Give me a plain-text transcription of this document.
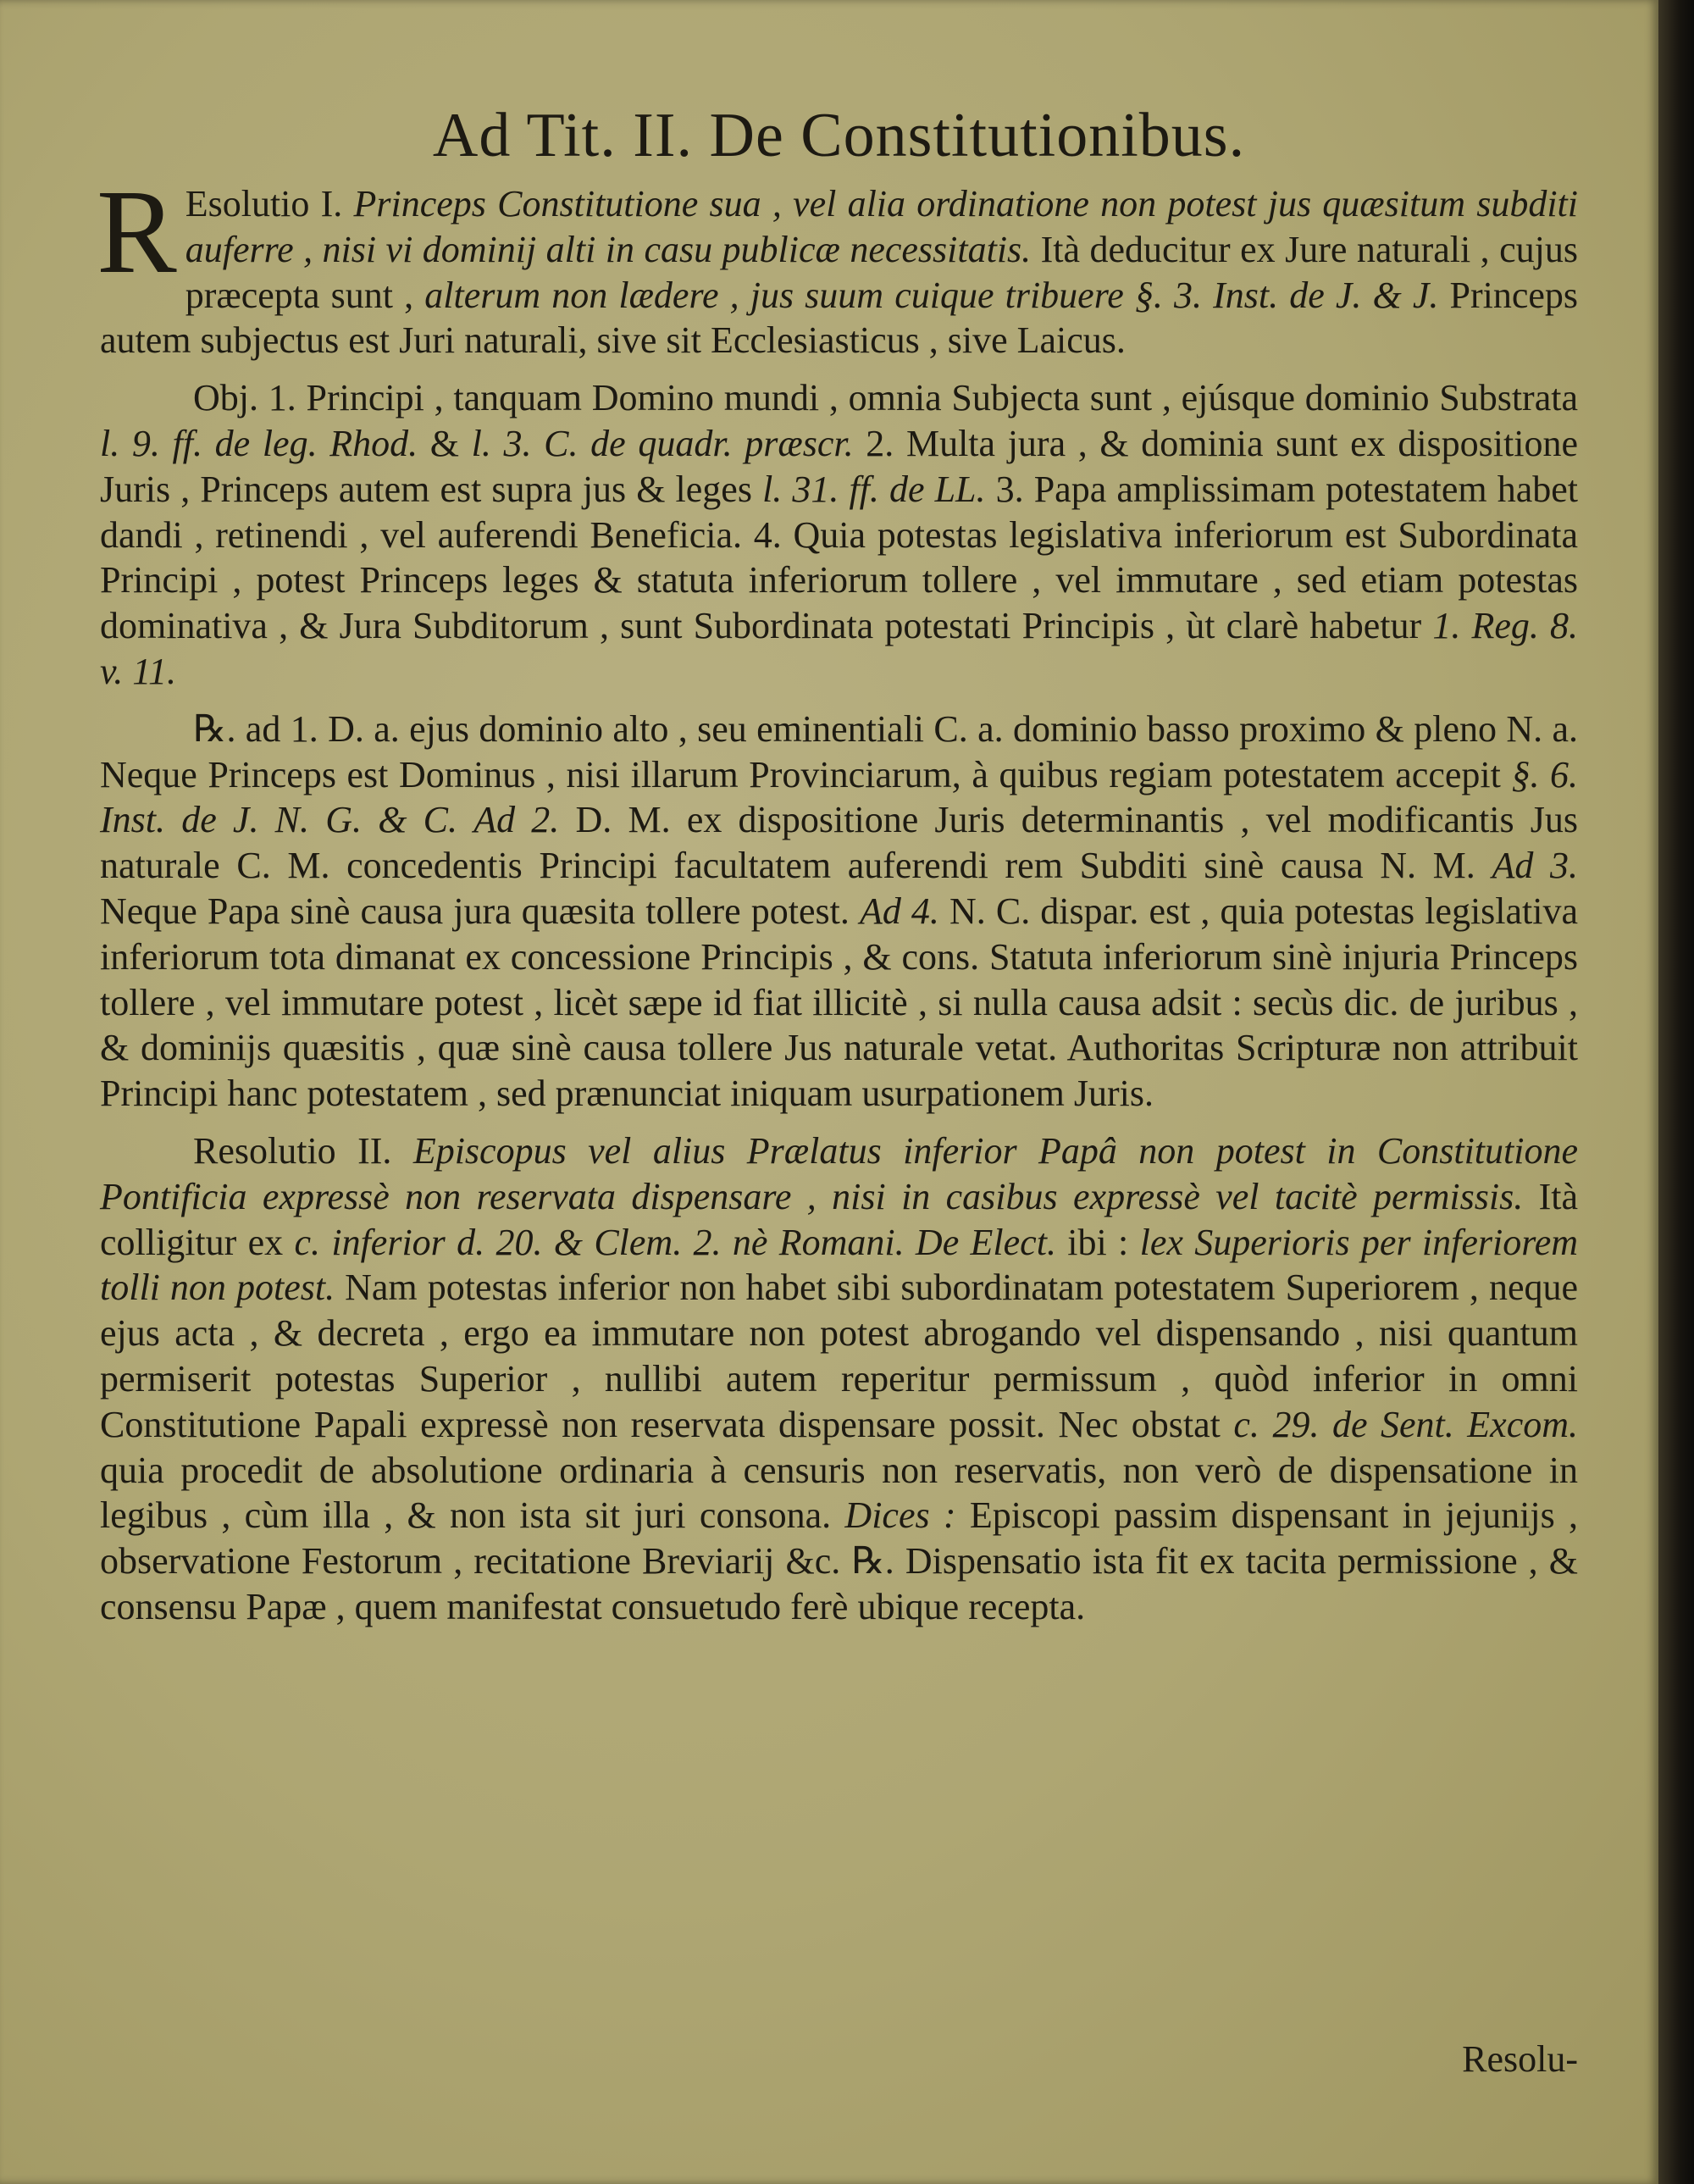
Ad Tit. II. De Constitutionibus.

R Esolutio I. Princeps Constitutione sua , vel alia ordinatione non potest jus quæsitum subditi auferre , nisi vi dominij alti in casu publicæ necessitatis. Ità deducitur ex Jure naturali , cujus præcepta sunt , alterum non lædere , jus suum cuique tribuere §. 3. Inst. de J. & J. Princeps autem subjectus est Juri naturali, sive sit Ecclesiasticus , sive Laicus.

Obj. 1. Principi , tanquam Domino mundi , omnia Subjecta sunt , ejúsque dominio Substrata l. 9. ff. de leg. Rhod. & l. 3. C. de quadr. præscr. 2. Multa jura , & dominia sunt ex dispositione Juris , Princeps autem est supra jus & leges l. 31. ff. de LL. 3. Papa amplissimam potestatem habet dandi , retinendi , vel auferendi Beneficia. 4. Quia potestas legislativa inferiorum est Subordinata Principi , potest Princeps leges & statuta inferiorum tollere , vel immutare , sed etiam potestas dominativa , & Jura Subditorum , sunt Subordinata potestati Principis , ùt clarè habetur 1. Reg. 8. v. 11.

℞. ad 1. D. a. ejus dominio alto , seu eminentiali C. a. dominio basso proximo & pleno N. a. Neque Princeps est Dominus , nisi illarum Provinciarum, à quibus regiam potestatem accepit §. 6. Inst. de J. N. G. & C. Ad 2. D. M. ex dispositione Juris determinantis , vel modificantis Jus naturale C. M. concedentis Principi facultatem auferendi rem Subditi sinè causa N. M. Ad 3. Neque Papa sinè causa jura quæsita tollere potest. Ad 4. N. C. dispar. est , quia potestas legislativa inferiorum tota dimanat ex concessione Principis , & cons. Statuta inferiorum sinè injuria Princeps tollere , vel immutare potest , licèt sæpe id fiat illicitè , si nulla causa adsit : secùs dic. de juribus , & dominijs quæsitis , quæ sinè causa tollere Jus naturale vetat. Authoritas Scripturæ non attribuit Principi hanc potestatem , sed prænunciat iniquam usurpationem Juris.

Resolutio II. Episcopus vel alius Prælatus inferior Papâ non potest in Constitutione Pontificia expressè non reservata dispensare , nisi in casibus expressè vel tacitè permissis. Ità colligitur ex c. inferior d. 20. & Clem. 2. nè Romani. De Elect. ibi : lex Superioris per inferiorem tolli non potest. Nam potestas inferior non habet sibi subordinatam potestatem Superiorem , neque ejus acta , & decreta , ergo ea immutare non potest abrogando vel dispensando , nisi quantum permiserit potestas Superior , nullibi autem reperitur permissum , quòd inferior in omni Constitutione Papali expressè non reservata dispensare possit. Nec obstat c. 29. de Sent. Excom. quia procedit de absolutione ordinaria à censuris non reservatis, non verò de dispensatione in legibus , cùm illa , & non ista sit juri consona. Dices : Episcopi passim dispensant in jejunijs , observatione Festorum , recitatione Breviarij &c. ℞. Dispensatio ista fit ex tacita permissione , & consensu Papæ , quem manifestat consuetudo ferè ubique recepta.

Resolu-
